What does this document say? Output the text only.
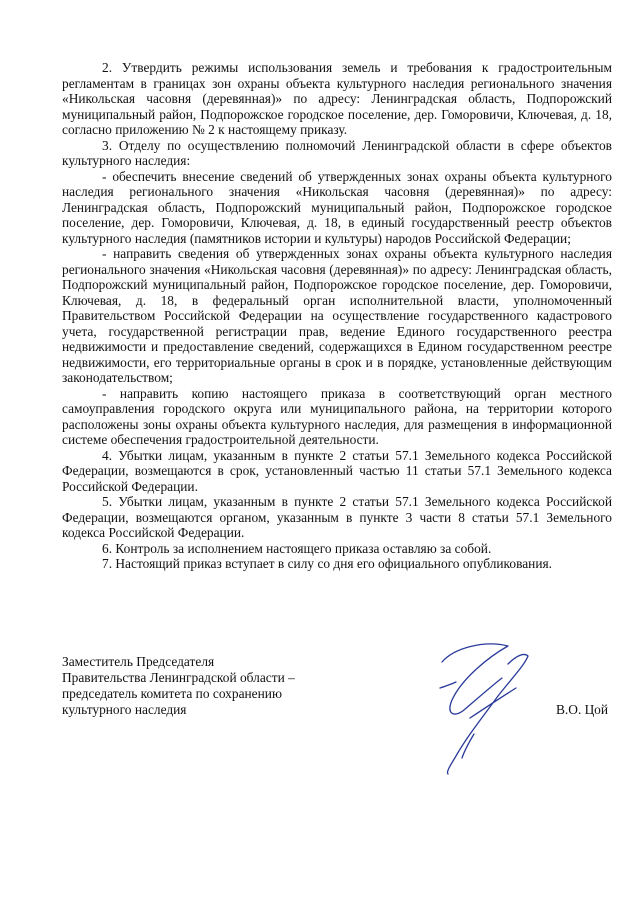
2. Утвердить режимы использования земель и требования к градостроительным регламентам в границах зон охраны объекта культурного наследия регионального значения «Никольская часовня (деревянная)» по адресу: Ленинградская область, Подпорожский муниципальный район, Подпорожское городское поселение, дер. Гоморовичи, Ключевая, д. 18, согласно приложению № 2 к настоящему приказу.

3. Отделу по осуществлению полномочий Ленинградской области в сфере объектов культурного наследия:

- обеспечить внесение сведений об утвержденных зонах охраны объекта культурного наследия регионального значения «Никольская часовня (деревянная)» по адресу: Ленинградская область, Подпорожский муниципальный район, Подпорожское городское поселение, дер. Гоморовичи, Ключевая, д. 18, в единый государственный реестр объектов культурного наследия (памятников истории и культуры) народов Российской Федерации;

- направить сведения об утвержденных зонах охраны объекта культурного наследия регионального значения «Никольская часовня (деревянная)» по адресу: Ленинградская область, Подпорожский муниципальный район, Подпорожское городское поселение, дер. Гоморовичи, Ключевая, д. 18, в федеральный орган исполнительной власти, уполномоченный Правительством Российской Федерации на осуществление государственного кадастрового учета, государственной регистрации прав, ведение Единого государственного реестра недвижимости и предоставление сведений, содержащихся в Едином государственном реестре недвижимости, его территориальные органы в срок и в порядке, установленные действующим законодательством;

- направить копию настоящего приказа в соответствующий орган местного самоуправления городского округа или муниципального района, на территории которого расположены зоны охраны объекта культурного наследия, для размещения в информационной системе обеспечения градостроительной деятельности.

4. Убытки лицам, указанным в пункте 2 статьи 57.1 Земельного кодекса Российской Федерации, возмещаются в срок, установленный частью 11 статьи 57.1 Земельного кодекса Российской Федерации.

5. Убытки лицам, указанным в пункте 2 статьи 57.1 Земельного кодекса Российской Федерации, возмещаются органом, указанным в пункте 3 части 8 статьи 57.1 Земельного кодекса Российской Федерации.

6. Контроль за исполнением настоящего приказа оставляю за собой.

7. Настоящий приказ вступает в силу со дня его официального опубликования.

Заместитель Председателя

Правительства Ленинградской области –

председатель комитета по сохранению

культурного наследия	В.О. Цой
